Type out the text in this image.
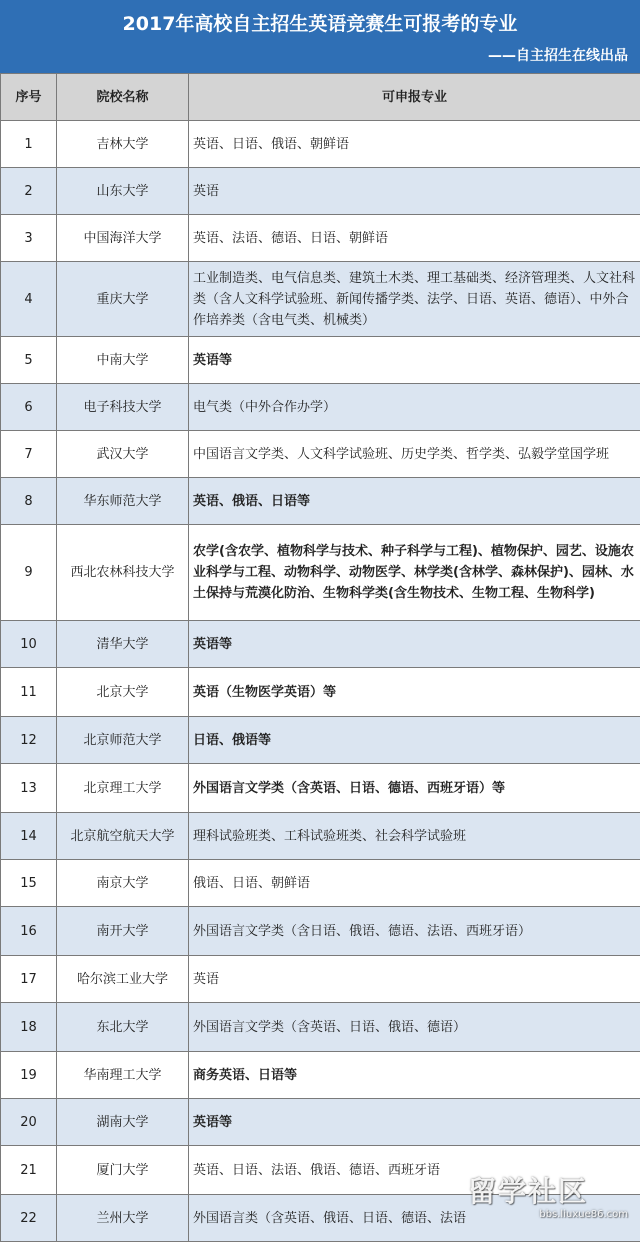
2017年高校自主招生英语竞赛生可报考的专业
——自主招生在线出品
序号	院校名称	可申报专业
1	吉林大学	英语、日语、俄语、朝鲜语
2	山东大学	英语
3	中国海洋大学	英语、法语、德语、日语、朝鲜语
4	重庆大学	工业制造类、电气信息类、建筑土木类、理工基础类、经济管理类、人文社科类（含人文科学试验班、新闻传播学类、法学、日语、英语、德语）、中外合作培养类（含电气类、机械类）
5	中南大学	英语等
6	电子科技大学	电气类（中外合作办学）
7	武汉大学	中国语言文学类、人文科学试验班、历史学类、哲学类、弘毅学堂国学班
8	华东师范大学	英语、俄语、日语等
9	西北农林科技大学	农学(含农学、植物科学与技术、种子科学与工程)、植物保护、园艺、设施农业科学与工程、动物科学、动物医学、林学类(含林学、森林保护)、园林、水土保持与荒漠化防治、生物科学类(含生物技术、生物工程、生物科学)
10	清华大学	英语等
11	北京大学	英语（生物医学英语）等
12	北京师范大学	日语、俄语等
13	北京理工大学	外国语言文学类（含英语、日语、德语、西班牙语）等
14	北京航空航天大学	理科试验班类、工科试验班类、社会科学试验班
15	南京大学	俄语、日语、朝鲜语
16	南开大学	外国语言文学类（含日语、俄语、德语、法语、西班牙语）
17	哈尔滨工业大学	英语
18	东北大学	外国语言文学类（含英语、日语、俄语、德语）
19	华南理工大学	商务英语、日语等
20	湖南大学	英语等
21	厦门大学	英语、日语、法语、俄语、德语、西班牙语
22	兰州大学	外国语言类（含英语、俄语、日语、德语、法语
留学社区
bbs.liuxue86.com
